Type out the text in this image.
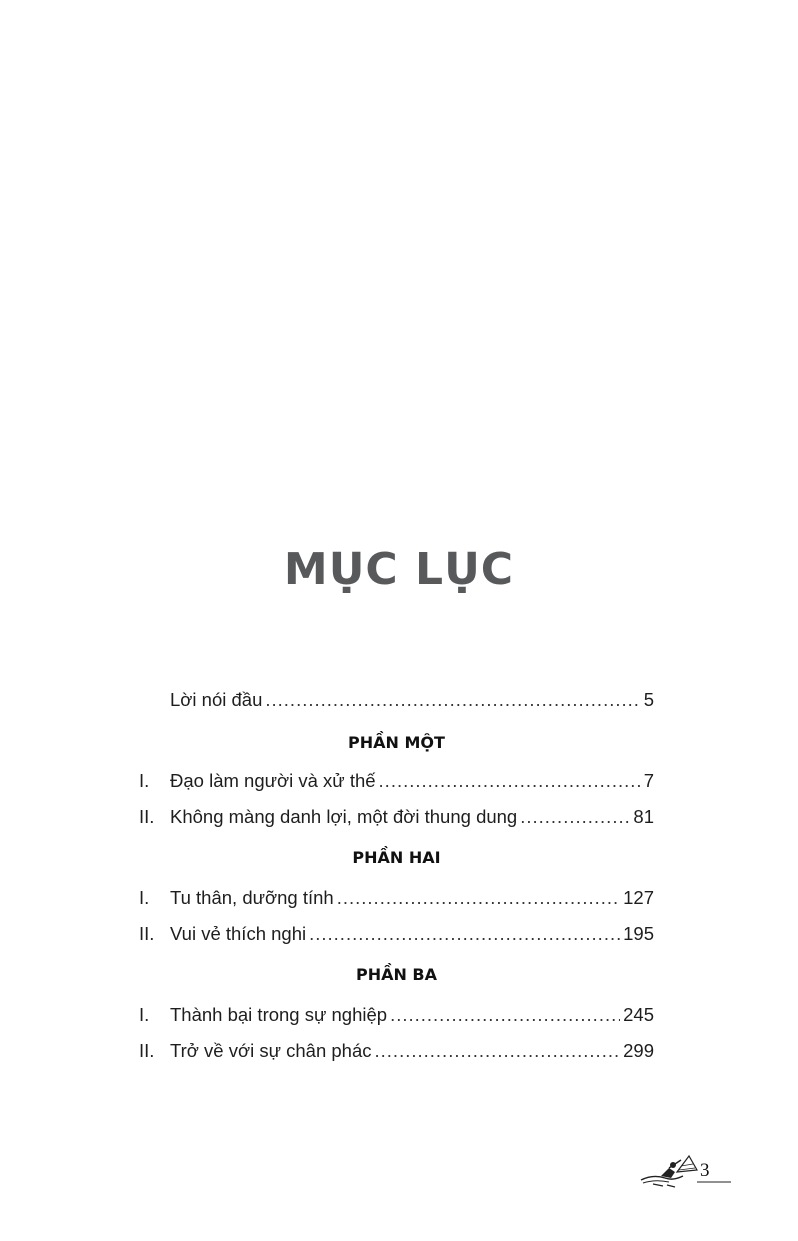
MỤC LỤC
Lời nói đầu .....	5
PHẦN MỘT
I.	Đạo làm người và xử thế .....	7
II. Không màng danh lợi, một đời thung dung .....	81
PHẦN HAI
I.	Tu thân, dưỡng tính .....	127
II. Vui vẻ thích nghi .....	195
PHẦN BA
I.	Thành bại trong sự nghiệp .....	245
II. Trở về với sự chân phác .....	299
3
